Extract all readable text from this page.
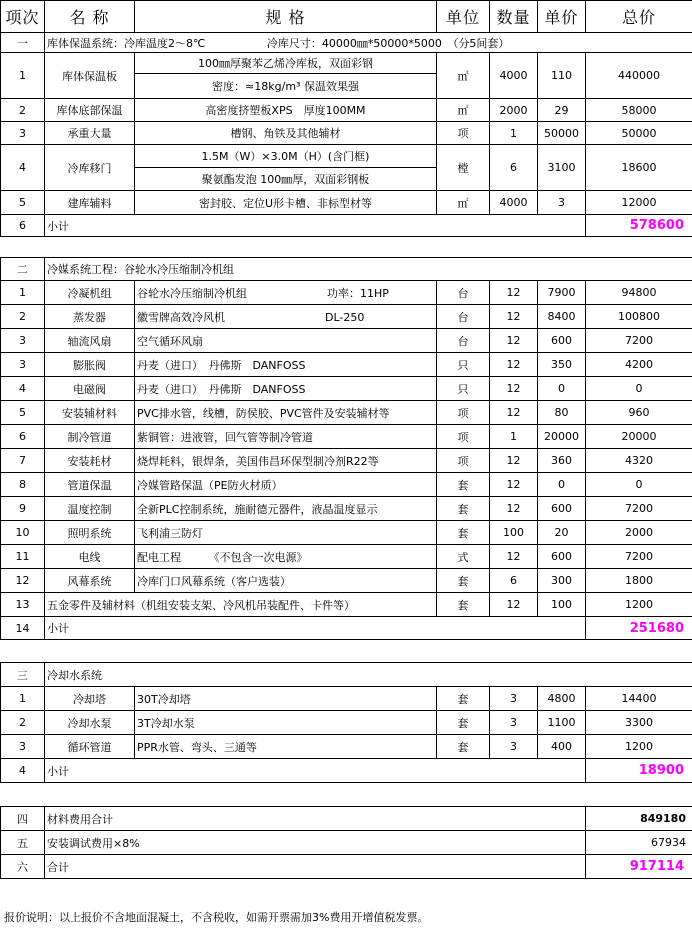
项次	名 称	规 格	单位	数量	单价	总价
一	库体保温系统：冷库温度2～8℃ 冷库尺寸：40000㎜*50000*5000　（分5间套）					
1	库体保温板	100㎜厚聚苯乙烯冷库板，双面彩钢	㎡	4000	110	440000
		密度：≈18kg/m³ 保温效果强				
2	库体底部保温	高密度挤塑板XPS　厚度100MM	㎡	2000	29	58000
3	承重大量	槽钢、角铁及其他辅材	项	1	50000	50000
4	冷库移门	1.5M（W）×3.0M（H）(含门框)	樘	6	3100	18600
		聚氨酯发泡 100㎜厚，双面彩钢板				
5	建库辅料	密封胶、定位U形卡槽、非标型材等	㎡	4000	3	12000
6	小计					578600

二	冷媒系统工程：谷轮水冷压缩制冷机组					
1	冷凝机组	谷轮水冷压缩制冷机组 功率：11HP	台	12	7900	94800
2	蒸发器	徽雪牌高效冷风机 DL-250	台	12	8400	100800
3	轴流风扇	空气循环风扇	台	12	600	7200
3	膨胀阀	丹麦（进口）　丹佛斯　DANFOSS	只	12	350	4200
4	电磁阀	丹麦（进口）　丹佛斯　DANFOSS	只	12	0	0
5	安装辅材料	PVC排水管，线槽，防侯胶、PVC管件及安装辅材等	项	12	80	960
6	制冷管道	紫铜管：进液管，回气管等制冷管道	项	1	20000	20000
7	安装耗材	烧焊耗料，银焊条，美国伟昌环保型制冷剂R22等	项	12	360	4320
8	管道保温	冷媒管路保温（PE防火材质）	套	12	0	0
9	温度控制	全新PLC控制系统，施耐德元器件，液晶温度显示	套	12	600	7200
10	照明系统	飞利浦三防灯	套	100	20	2000
11	电线	配电工程　　　《不包含一次电源》	式	12	600	7200
12	风幕系统	冷库门口风幕系统（客户选装）	套	6	300	1800
13	五金零件及辅材料（机组安装支架、冷风机吊装配件、卡件等）		套	12	100	1200
14	小计					251680

三	冷却水系统					
1	冷却塔	30T冷却塔	套	3	4800	14400
2	冷却水泵	3T冷却水泵	套	3	1100	3300
3	循环管道	PPR水管、弯头、三通等	套	3	400	1200
4	小计					18900

四	材料费用合计					849180
五	安装调试费用×8%					67934
六	合计					917114
报价说明：以上报价不含地面混凝土，不含税收，如需开票需加3%费用开增值税发票。
